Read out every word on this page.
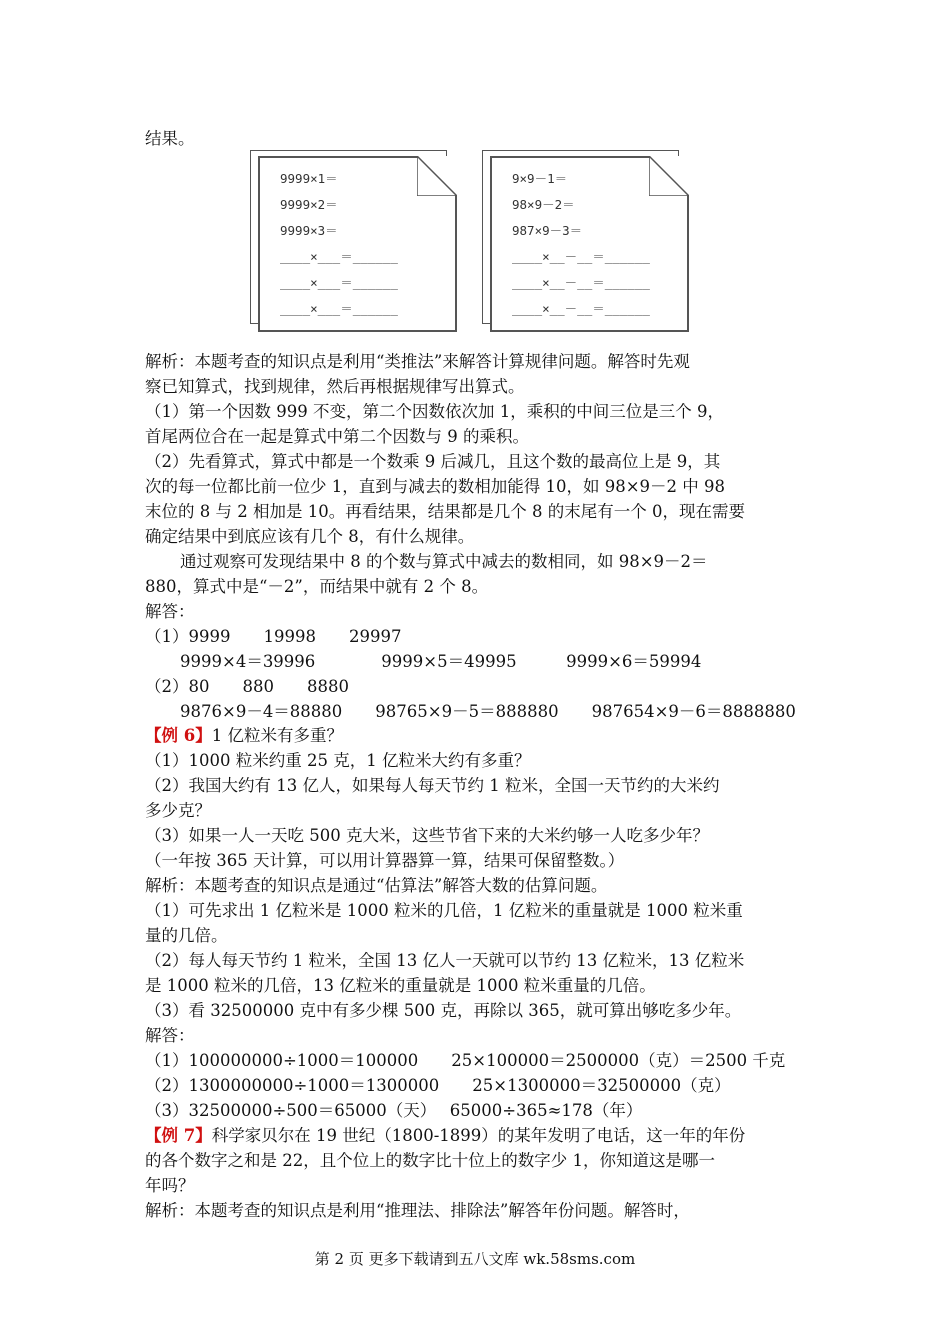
结果。
9999×1＝
9999×2＝
9999×3＝
____×___＝______
____×___＝______
____×___＝______
9×9－1＝
98×9－2＝
987×9－3＝
____×__－__＝______
____×__－__＝______
____×__－__＝______
解析：本题考查的知识点是利用“类推法”来解答计算规律问题。解答时先观
察已知算式，找到规律，然后再根据规律写出算式。
（1）第一个因数 999 不变，第二个因数依次加 1，乘积的中间三位是三个 9，
首尾两位合在一起是算式中第二个因数与 9 的乘积。
（2）先看算式，算式中都是一个数乘 9 后减几，且这个数的最高位上是 9，其
次的每一位都比前一位少 1，直到与减去的数相加能得 10，如 98×9－2 中 98
末位的 8 与 2 相加是 10。再看结果，结果都是几个 8 的末尾有一个 0，现在需要
确定结果中到底应该有几个 8，有什么规律。
通过观察可发现结果中 8 的个数与算式中减去的数相同，如 98×9－2＝
880，算式中是“－2”，而结果中就有 2 个 8。
解答：
（1）9999　　19998　　29997
9999×4＝39996　　　　9999×5＝49995　　　9999×6＝59994
（2）80　　880　　8880
9876×9－4＝88880　　98765×9－5＝888880　　987654×9－6＝8888880
【例 6】1 亿粒米有多重？
（1）1000 粒米约重 25 克，1 亿粒米大约有多重？
（2）我国大约有 13 亿人，如果每人每天节约 1 粒米，全国一天节约的大米约
多少克？
（3）如果一人一天吃 500 克大米，这些节省下来的大米约够一人吃多少年？
（一年按 365 天计算，可以用计算器算一算，结果可保留整数。）
解析：本题考查的知识点是通过“估算法”解答大数的估算问题。
（1）可先求出 1 亿粒米是 1000 粒米的几倍，1 亿粒米的重量就是 1000 粒米重
量的几倍。
（2）每人每天节约 1 粒米，全国 13 亿人一天就可以节约 13 亿粒米，13 亿粒米
是 1000 粒米的几倍，13 亿粒米的重量就是 1000 粒米重量的几倍。
（3）看 32500000 克中有多少棵 500 克，再除以 365，就可算出够吃多少年。
解答：
（1）100000000÷1000＝100000　　25×100000＝2500000（克）＝2500 千克
（2）1300000000÷1000＝1300000　　25×1300000＝32500000（克）
（3）32500000÷500＝65000（天）　 65000÷365≈178（年）
【例 7】科学家贝尔在 19 世纪（1800-1899）的某年发明了电话，这一年的年份
的各个数字之和是 22，且个位上的数字比十位上的数字少 1，你知道这是哪一
年吗？
解析：本题考查的知识点是利用“推理法、排除法”解答年份问题。解答时，
第 2 页 更多下载请到五八文库 wk.58sms.com
